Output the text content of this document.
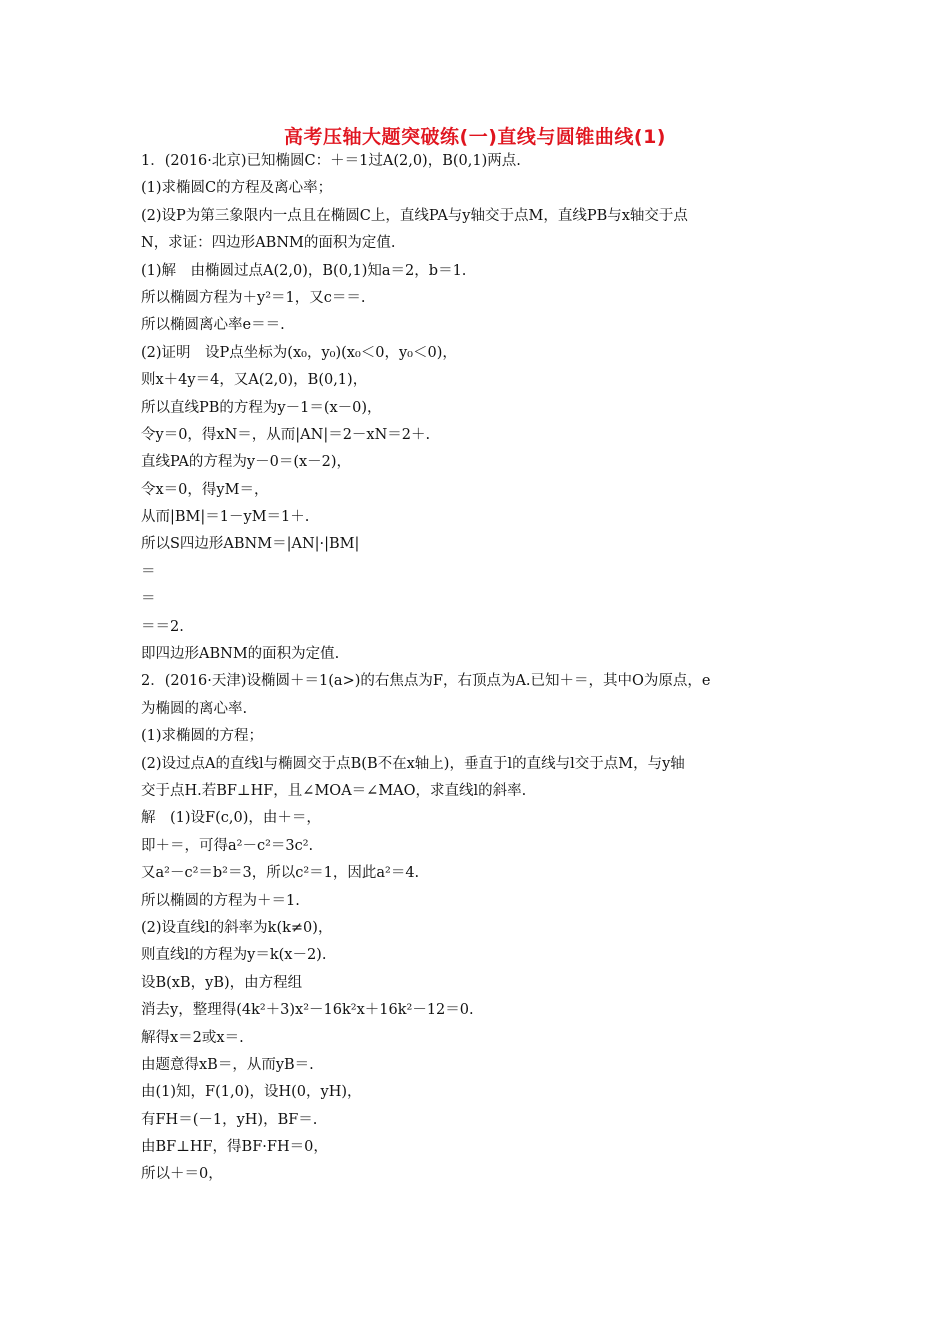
高考压轴大题突破练(一)直线与圆锥曲线(1)
1．(2016·北京)已知椭圆C：＋＝1过A(2,0)，B(0,1)两点.
(1)求椭圆C的方程及离心率；
(2)设P为第三象限内一点且在椭圆C上，直线PA与y轴交于点M，直线PB与x轴交于点
N，求证：四边形ABNM的面积为定值.
(1)解　由椭圆过点A(2,0)，B(0,1)知a＝2，b＝1.
所以椭圆方程为＋y²＝1，又c＝＝.
所以椭圆离心率e＝＝.
(2)证明　设P点坐标为(x₀，y₀)(x₀＜0，y₀＜0)，
则x＋4y＝4，又A(2,0)，B(0,1)，
所以直线PB的方程为y－1＝(x－0)，
令y＝0，得xN＝，从而|AN|＝2－xN＝2＋.
直线PA的方程为y－0＝(x－2)，
令x＝0，得yM＝，
从而|BM|＝1－yM＝1＋.
所以S四边形ABNM＝|AN|·|BM|
＝
＝
＝＝2.
即四边形ABNM的面积为定值.
2．(2016·天津)设椭圆＋＝1(a>)的右焦点为F，右顶点为A.已知＋＝，其中O为原点，e
为椭圆的离心率.
(1)求椭圆的方程；
(2)设过点A的直线l与椭圆交于点B(B不在x轴上)，垂直于l的直线与l交于点M，与y轴
交于点H.若BF⊥HF，且∠MOA＝∠MAO，求直线l的斜率.
解　(1)设F(c,0)，由＋＝，
即＋＝，可得a²－c²＝3c².
又a²－c²＝b²＝3，所以c²＝1，因此a²＝4.
所以椭圆的方程为＋＝1.
(2)设直线l的斜率为k(k≠0)，
则直线l的方程为y＝k(x－2).
设B(xB，yB)，由方程组
消去y，整理得(4k²＋3)x²－16k²x＋16k²－12＝0.
解得x＝2或x＝.
由题意得xB＝，从而yB＝.
由(1)知，F(1,0)，设H(0，yH)，
有FH＝(－1，yH)，BF＝.
由BF⊥HF，得BF·FH＝0，
所以＋＝0，
